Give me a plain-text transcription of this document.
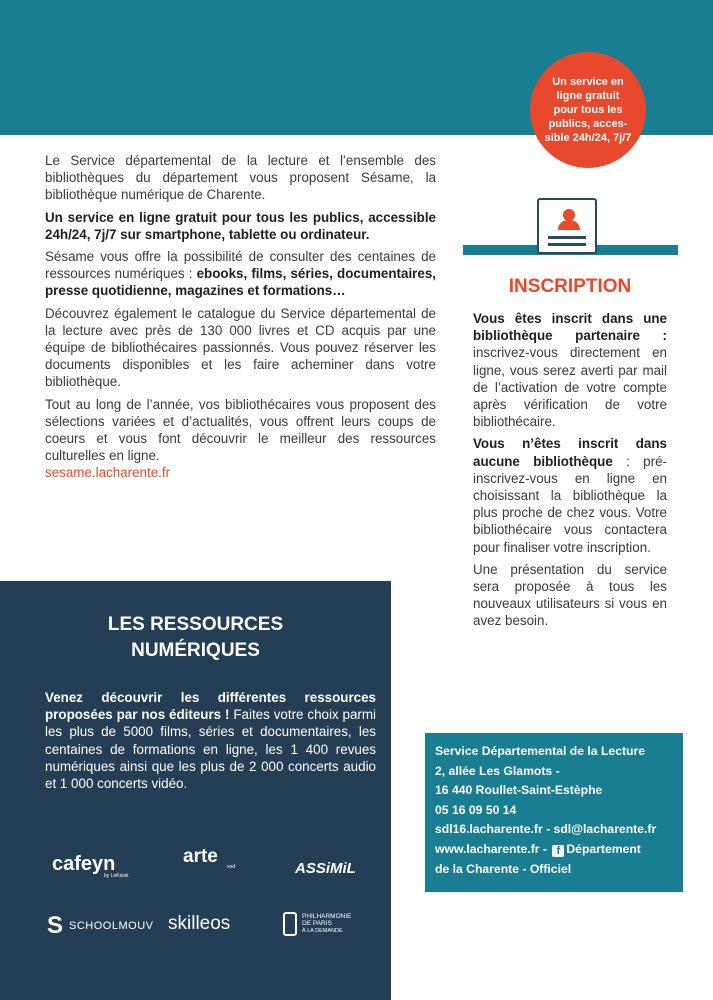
Un service en
ligne gratuit
pour tous les
publics, acces-
sible 24h/24, 7j/7

Le Service départemental de la lecture et l’ensemble des bibliothèques du département vous proposent Sésame, la bibliothèque numérique de Charente.

Un service en ligne gratuit pour tous les publics, accessible 24h/24, 7j/7 sur smartphone, tablette ou ordinateur.

Sésame vous offre la possibilité de consulter des centaines de ressources numériques : ebooks, films, séries, documentaires, presse quotidienne, magazines et formations…

Découvrez également le catalogue du Service départemental de la lecture avec près de 130 000 livres et CD acquis par une équipe de bibliothécaires passionnés. Vous pouvez réserver les documents disponibles et les faire acheminer dans votre bibliothèque.

Tout au long de l’année, vos bibliothécaires vous proposent des sélections variées et d’actualités, vous offrent leurs coups de coeurs et vous font découvrir le meilleur des ressources culturelles en ligne.
sesame.lacharente.fr

INSCRIPTION

Vous êtes inscrit dans une bibliothèque partenaire : inscrivez-vous directement en ligne, vous serez averti par mail de l’activation de votre compte après vérification de votre bibliothécaire.

Vous n’êtes inscrit dans aucune bibliothèque : pré-inscrivez-vous en ligne en choisissant la bibliothèque la plus proche de chez vous. Votre bibliothécaire vous contactera pour finaliser votre inscription.

Une présentation du service sera proposée à tous les nouveaux utilisateurs si vous en avez besoin.

LES RESSOURCES
NUMÉRIQUES
Venez découvrir les différentes ressources proposées par nos éditeurs ! Faites votre choix parmi les plus de 5000 films, séries et documentaires, les centaines de formations en ligne, les 1 400 revues numériques ainsi que les plus de 2 000 concerts audio et 1 000 concerts vidéo.
cafeyn
by LeKiosk
arte	vod	ASSiMiL
S SCHOOLMOUV skilleos	PHILHARMONIE
DE PARIS
À LA DEMANDE
Service Départemental de la Lecture
2, allée Les Glamots -
16 440 Roullet-Saint-Estèphe
05 16 09 50 14
sdl16.lacharente.fr - sdl@lacharente.fr
www.lacharente.fr - f Département
de la Charente - Officiel
